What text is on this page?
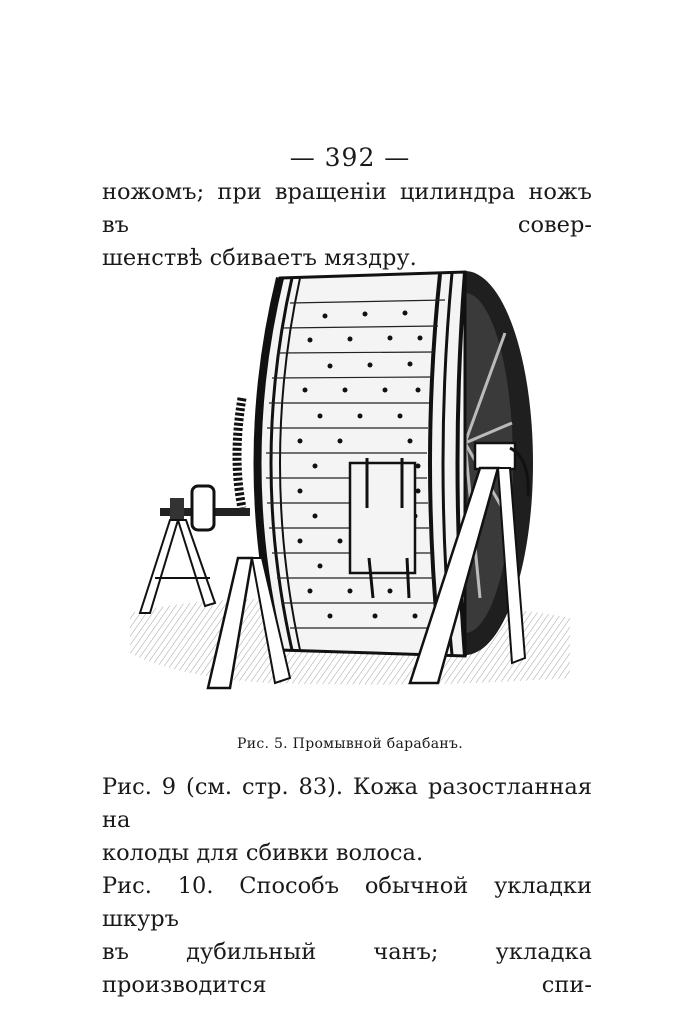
— 392 —
ножомъ; при вращеніи цилиндра ножъ въ совер-
шенствѣ сбиваетъ мяздру.
Рис. 5. Промывной барабанъ.
Рис. 9 (см. стр. 83). Кожа разостланная на
колоды для сбивки волоса.
Рис. 10. Способъ обычной укладки шкуръ
въ дубильный чанъ; укладка производится спи-
